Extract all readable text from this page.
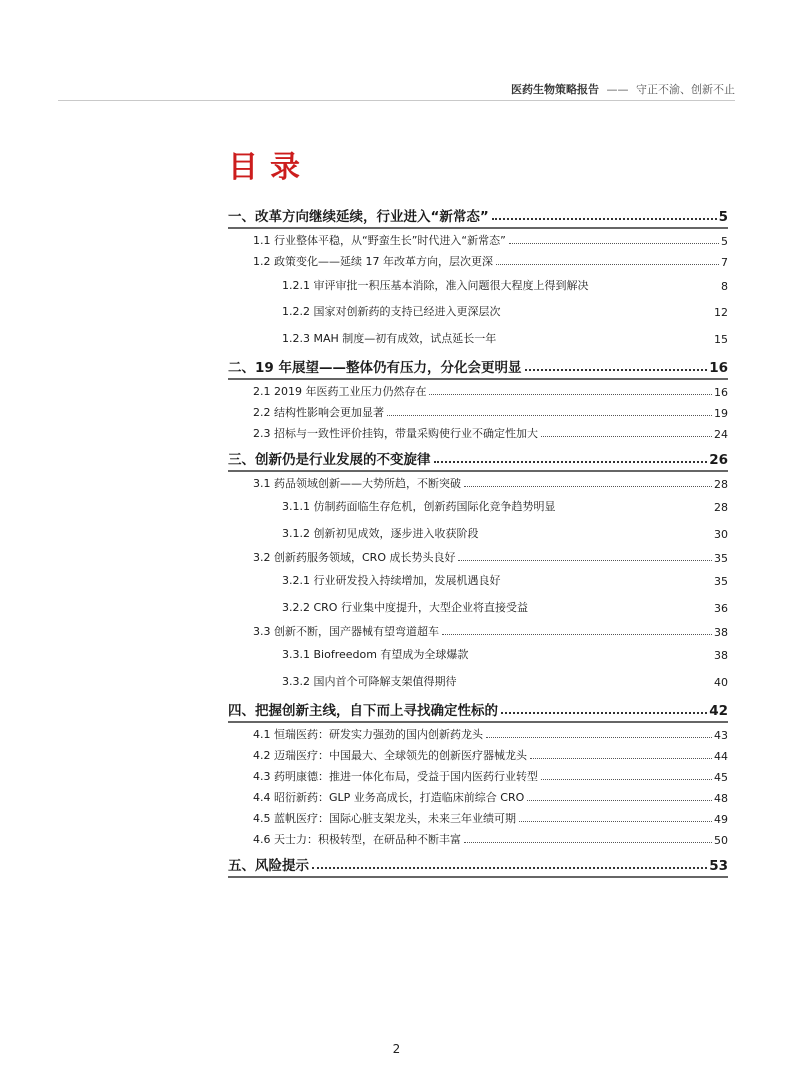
医药生物策略报告 —— 守正不渝、创新不止
目录
一、改革方向继续延续，行业进入“新常态”	5
1.1 行业整体平稳，从“野蛮生长”时代进入“新常态”	5
1.2 政策变化——延续 17 年改革方向，层次更深	7
1.2.1 审评审批一积压基本消除，准入问题很大程度上得到解决	8
1.2.2 国家对创新药的支持已经进入更深层次	12
1.2.3 MAH 制度—初有成效，试点延长一年	15
二、19 年展望——整体仍有压力，分化会更明显	16
2.1 2019 年医药工业压力仍然存在	16
2.2 结构性影响会更加显著	19
2.3 招标与一致性评价挂钩，带量采购使行业不确定性加大	24
三、创新仍是行业发展的不变旋律	26
3.1 药品领域创新——大势所趋，不断突破	28
3.1.1 仿制药面临生存危机，创新药国际化竞争趋势明显	28
3.1.2 创新初见成效，逐步进入收获阶段	30
3.2 创新药服务领域，CRO 成长势头良好	35
3.2.1 行业研发投入持续增加，发展机遇良好	35
3.2.2 CRO 行业集中度提升，大型企业将直接受益	36
3.3 创新不断，国产器械有望弯道超车	38
3.3.1 Biofreedom 有望成为全球爆款	38
3.3.2 国内首个可降解支架值得期待	40
四、把握创新主线，自下而上寻找确定性标的	42
4.1 恒瑞医药：研发实力强劲的国内创新药龙头	43
4.2 迈瑞医疗：中国最大、全球领先的创新医疗器械龙头	44
4.3 药明康德：推进一体化布局，受益于国内医药行业转型	45
4.4 昭衍新药：GLP 业务高成长，打造临床前综合 CRO	48
4.5 蓝帆医疗：国际心脏支架龙头，未来三年业绩可期	49
4.6 天士力：积极转型，在研品种不断丰富	50
五、风险提示	53
2
